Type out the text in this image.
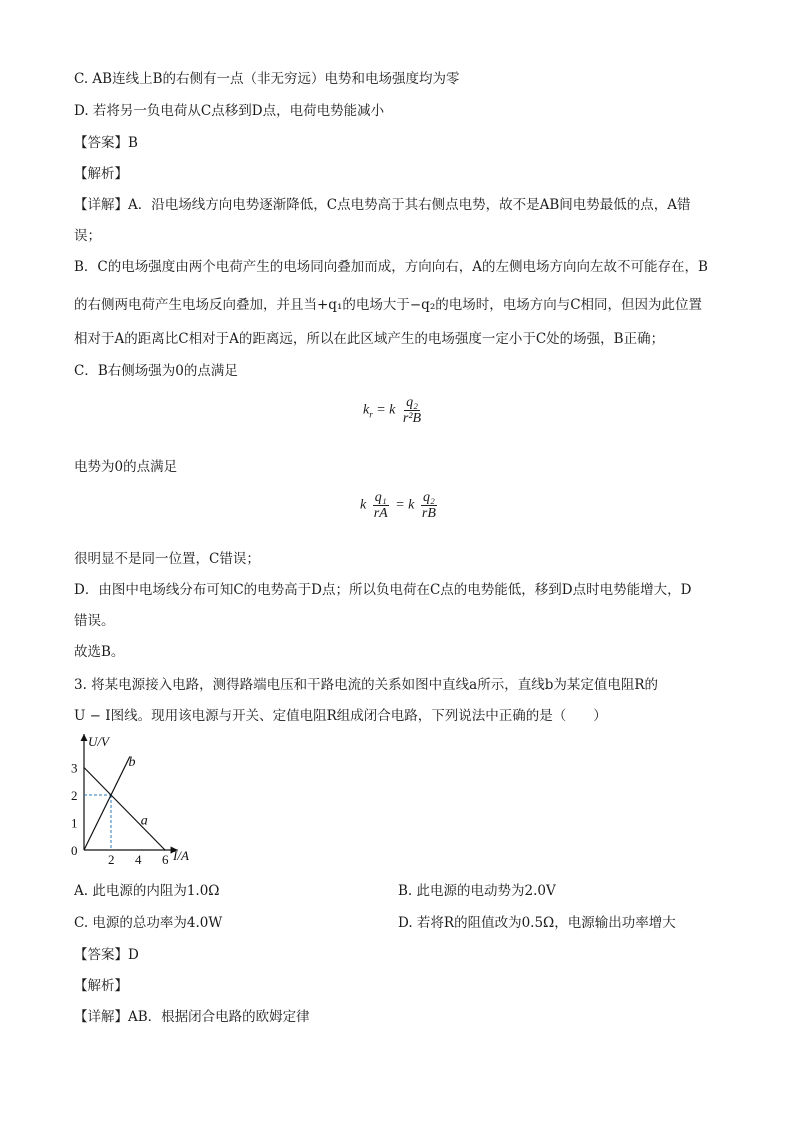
C. AB连线上B的右侧有一点（非无穷远）电势和电场强度均为零
D. 若将另一负电荷从C点移到D点，电荷电势能减小
【答案】B
【解析】
【详解】A．沿电场线方向电势逐渐降低，C点电势高于其右侧点电势，故不是AB间电势最低的点，A错
误；
B．C的电场强度由两个电荷产生的电场同向叠加而成，方向向右，A的左侧电场方向向左故不可能存在，B
的右侧两电荷产生电场反向叠加，并且当+q₁的电场大于−q₂的电场时，电场方向与C相同，但因为此位置
相对于A的距离比C相对于A的距离远，所以在此区域产生的电场强度一定小于C处的场强，B正确；
C．B右侧场强为0的点满足
$k_r = k \frac{\text{q₂}}{\text{r²B}}$
电势为0的点满足
k $\frac{\text{q₁}}{rA} = k \frac{\text{q₂}}{rB}$
很明显不是同一位置，C错误；
D．由图中电场线分布可知C的电势高于D点；所以负电荷在C点的电势能低，移到D点时电势能增大，D
错误。
故选B。
3. 将某电源接入电路，测得路端电压和干路电流的关系如图中直线a所示，直线b为某定值电阻R的
U − I图线。现用该电源与开关、定值电阻R组成闭合电路，下列说法中正确的是（　　）
U/V
I/A
0
1
2
3
2 4 6
a
b
A. 此电源的内阻为1.0Ω	B. 此电源的电动势为2.0V
C. 电源的总功率为4.0W	D. 若将R的阻值改为0.5Ω，电源输出功率增大
【答案】D
【解析】
【详解】AB．根据闭合电路的欧姆定律
